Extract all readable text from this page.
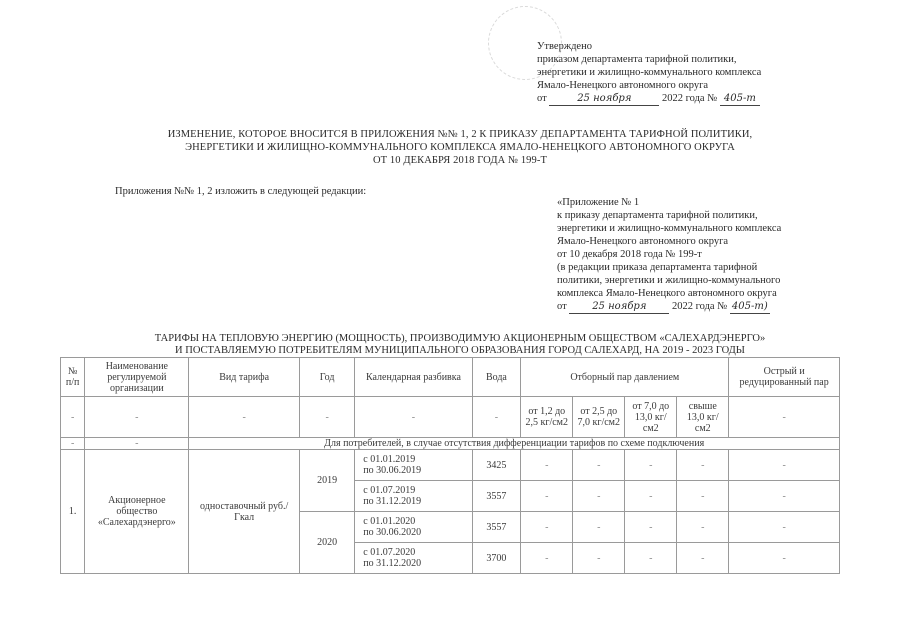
Утверждено
приказом департамента тарифной политики,
энергетики и жилищно-коммунального комплекса
Ямало-Ненецкого автономного округа
от	25 ноября	2022 года № 405-т
ИЗМЕНЕНИЕ, КОТОРОЕ ВНОСИТСЯ В ПРИЛОЖЕНИЯ №№ 1, 2 К ПРИКАЗУ ДЕПАРТАМЕНТА ТАРИФНОЙ ПОЛИТИКИ,
ЭНЕРГЕТИКИ И ЖИЛИЩНО-КОММУНАЛЬНОГО КОМПЛЕКСА ЯМАЛО-НЕНЕЦКОГО АВТОНОМНОГО ОКРУГА
ОТ 10 ДЕКАБРЯ 2018 ГОДА № 199-Т
Приложения №№ 1, 2 изложить в следующей редакции:
«Приложение № 1
к приказу департамента тарифной политики,
энергетики и жилищно-коммунального комплекса
Ямало-Ненецкого автономного округа
от 10 декабря 2018 года № 199-т
(в редакции приказа департамента тарифной
политики, энергетики и жилищно-коммунального
комплекса Ямало-Ненецкого автономного округа
от	25 ноября 2022 года № 405-т)
ТАРИФЫ НА ТЕПЛОВУЮ ЭНЕРГИЮ (МОЩНОСТЬ), ПРОИЗВОДИМУЮ АКЦИОНЕРНЫМ ОБЩЕСТВОМ «САЛЕХАРДЭНЕРГО»
И ПОСТАВЛЯЕМУЮ ПОТРЕБИТЕЛЯМ МУНИЦИПАЛЬНОГО ОБРАЗОВАНИЯ ГОРОД САЛЕХАРД, НА 2019 - 2023 ГОДЫ
№ п/п	Наименование регулируемой организации	Вид тарифа	Год	Календарная разбивка	Вода	Отборный пар давлением				Острый и редуцированный пар
-	-	-	-	-	-	от 1,2 до 2,5 кг/см2	от 2,5 до 7,0 кг/см2	от 7,0 до 13,0 кг/см2	свыше 13,0 кг/см2	-
-	-	Для потребителей, в случае отсутствия дифференциации тарифов по схеме подключения								
1.	Акционерное общество «Салехардэнерго»	одноставочный руб./Гкал	2019	с 01.01.2019
по 30.06.2019	3425	-	-	-	-	-

				с 01.07.2019
по 31.12.2019	3557	-	-	-	-	-
			2020	с 01.01.2020
по 30.06.2020	3557	-	-	-	-	-

				с 01.07.2020
по 31.12.2020	3700	-	-	-	-	-
